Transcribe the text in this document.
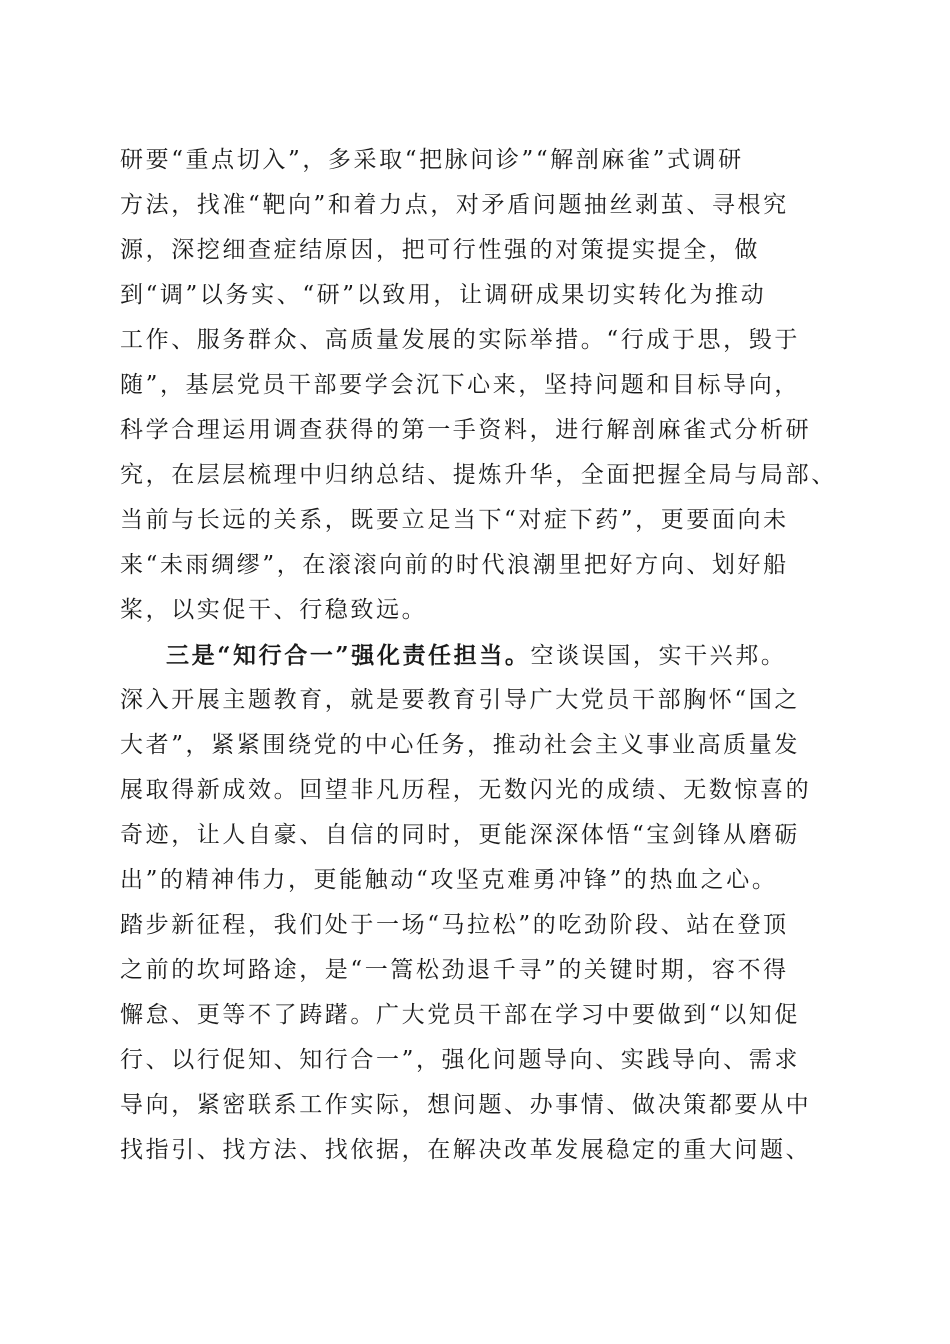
研要“重点切入”，多采取“把脉问诊”“解剖麻雀”式调研
方法，找准“靶向”和着力点，对矛盾问题抽丝剥茧、寻根究
源，深挖细查症结原因，把可行性强的对策提实提全，做
到“调”以务实、“研”以致用，让调研成果切实转化为推动
工作、服务群众、高质量发展的实际举措。“行成于思，毁于
随”，基层党员干部要学会沉下心来，坚持问题和目标导向，
科学合理运用调查获得的第一手资料，进行解剖麻雀式分析研
究，在层层梳理中归纳总结、提炼升华，全面把握全局与局部、
当前与长远的关系，既要立足当下“对症下药”，更要面向未
来“未雨绸缪”，在滚滚向前的时代浪潮里把好方向、划好船
桨，以实促干、行稳致远。
三是“知行合一”强化责任担当。空谈误国，实干兴邦。
深入开展主题教育，就是要教育引导广大党员干部胸怀“国之
大者”，紧紧围绕党的中心任务，推动社会主义事业高质量发
展取得新成效。回望非凡历程，无数闪光的成绩、无数惊喜的
奇迹，让人自豪、自信的同时，更能深深体悟“宝剑锋从磨砺
出”的精神伟力，更能触动“攻坚克难勇冲锋”的热血之心。
踏步新征程，我们处于一场“马拉松”的吃劲阶段、站在登顶
之前的坎坷路途，是“一篙松劲退千寻”的关键时期，容不得
懈怠、更等不了踌躇。广大党员干部在学习中要做到“以知促
行、以行促知、知行合一”，强化问题导向、实践导向、需求
导向，紧密联系工作实际，想问题、办事情、做决策都要从中
找指引、找方法、找依据，在解决改革发展稳定的重大问题、
